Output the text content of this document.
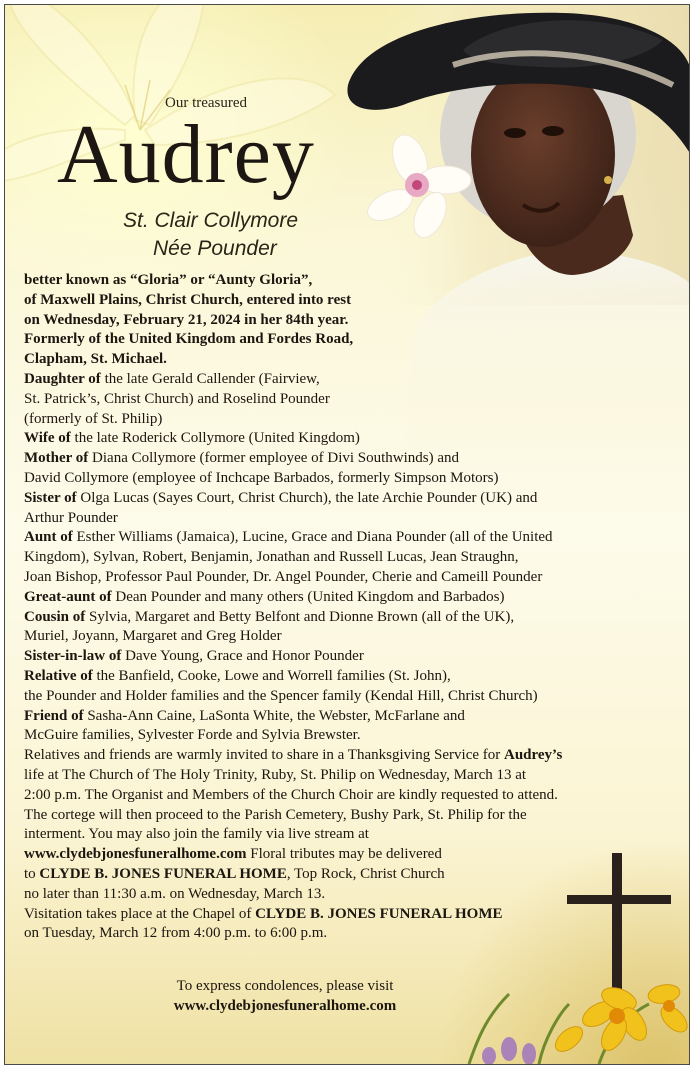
Our treasured
Audrey
St. Clair Collymore
Née Pounder
better known as “Gloria” or “Aunty Gloria”,
of Maxwell Plains, Christ Church, entered into rest
on Wednesday, February 21, 2024 in her 84th year.
Formerly of the United Kingdom and Fordes Road,
Clapham, St. Michael.
Daughter of the late Gerald Callender (Fairview,
St. Patrick’s, Christ Church) and Roselind Pounder
(formerly of St. Philip)
Wife of the late Roderick Collymore (United Kingdom)
Mother of Diana Collymore (former employee of Divi Southwinds) and
David Collymore (employee of Inchcape Barbados, formerly Simpson Motors)
Sister of Olga Lucas (Sayes Court, Christ Church), the late Archie Pounder (UK) and
Arthur Pounder
Aunt of Esther Williams (Jamaica), Lucine, Grace and Diana Pounder (all of the United
Kingdom), Sylvan, Robert, Benjamin, Jonathan and Russell Lucas, Jean Straughn,
Joan Bishop, Professor Paul Pounder, Dr. Angel Pounder, Cherie and Cameill Pounder
Great-aunt of Dean Pounder and many others (United Kingdom and Barbados)
Cousin of Sylvia, Margaret and Betty Belfont and Dionne Brown (all of the UK),
Muriel, Joyann, Margaret and Greg Holder
Sister-in-law of Dave Young, Grace and Honor Pounder
Relative of the Banfield, Cooke, Lowe and Worrell families (St. John),
the Pounder and Holder families and the Spencer family (Kendal Hill, Christ Church)
Friend of Sasha-Ann Caine, LaSonta White, the Webster, McFarlane and
McGuire families, Sylvester Forde and Sylvia Brewster.
Relatives and friends are warmly invited to share in a Thanksgiving Service for Audrey’s
life at The Church of The Holy Trinity, Ruby, St. Philip on Wednesday, March 13 at
2:00 p.m. The Organist and Members of the Church Choir are kindly requested to attend.
The cortege will then proceed to the Parish Cemetery, Bushy Park, St. Philip for the
interment. You may also join the family via live stream at
www.clydebjonesfuneralhome.com Floral tributes may be delivered
to CLYDE B. JONES FUNERAL HOME, Top Rock, Christ Church
no later than 11:30 a.m. on Wednesday, March 13.
Visitation takes place at the Chapel of CLYDE B. JONES FUNERAL HOME
on Tuesday, March 12 from 4:00 p.m. to 6:00 p.m.
To express condolences, please visit
www.clydebjonesfuneralhome.com
